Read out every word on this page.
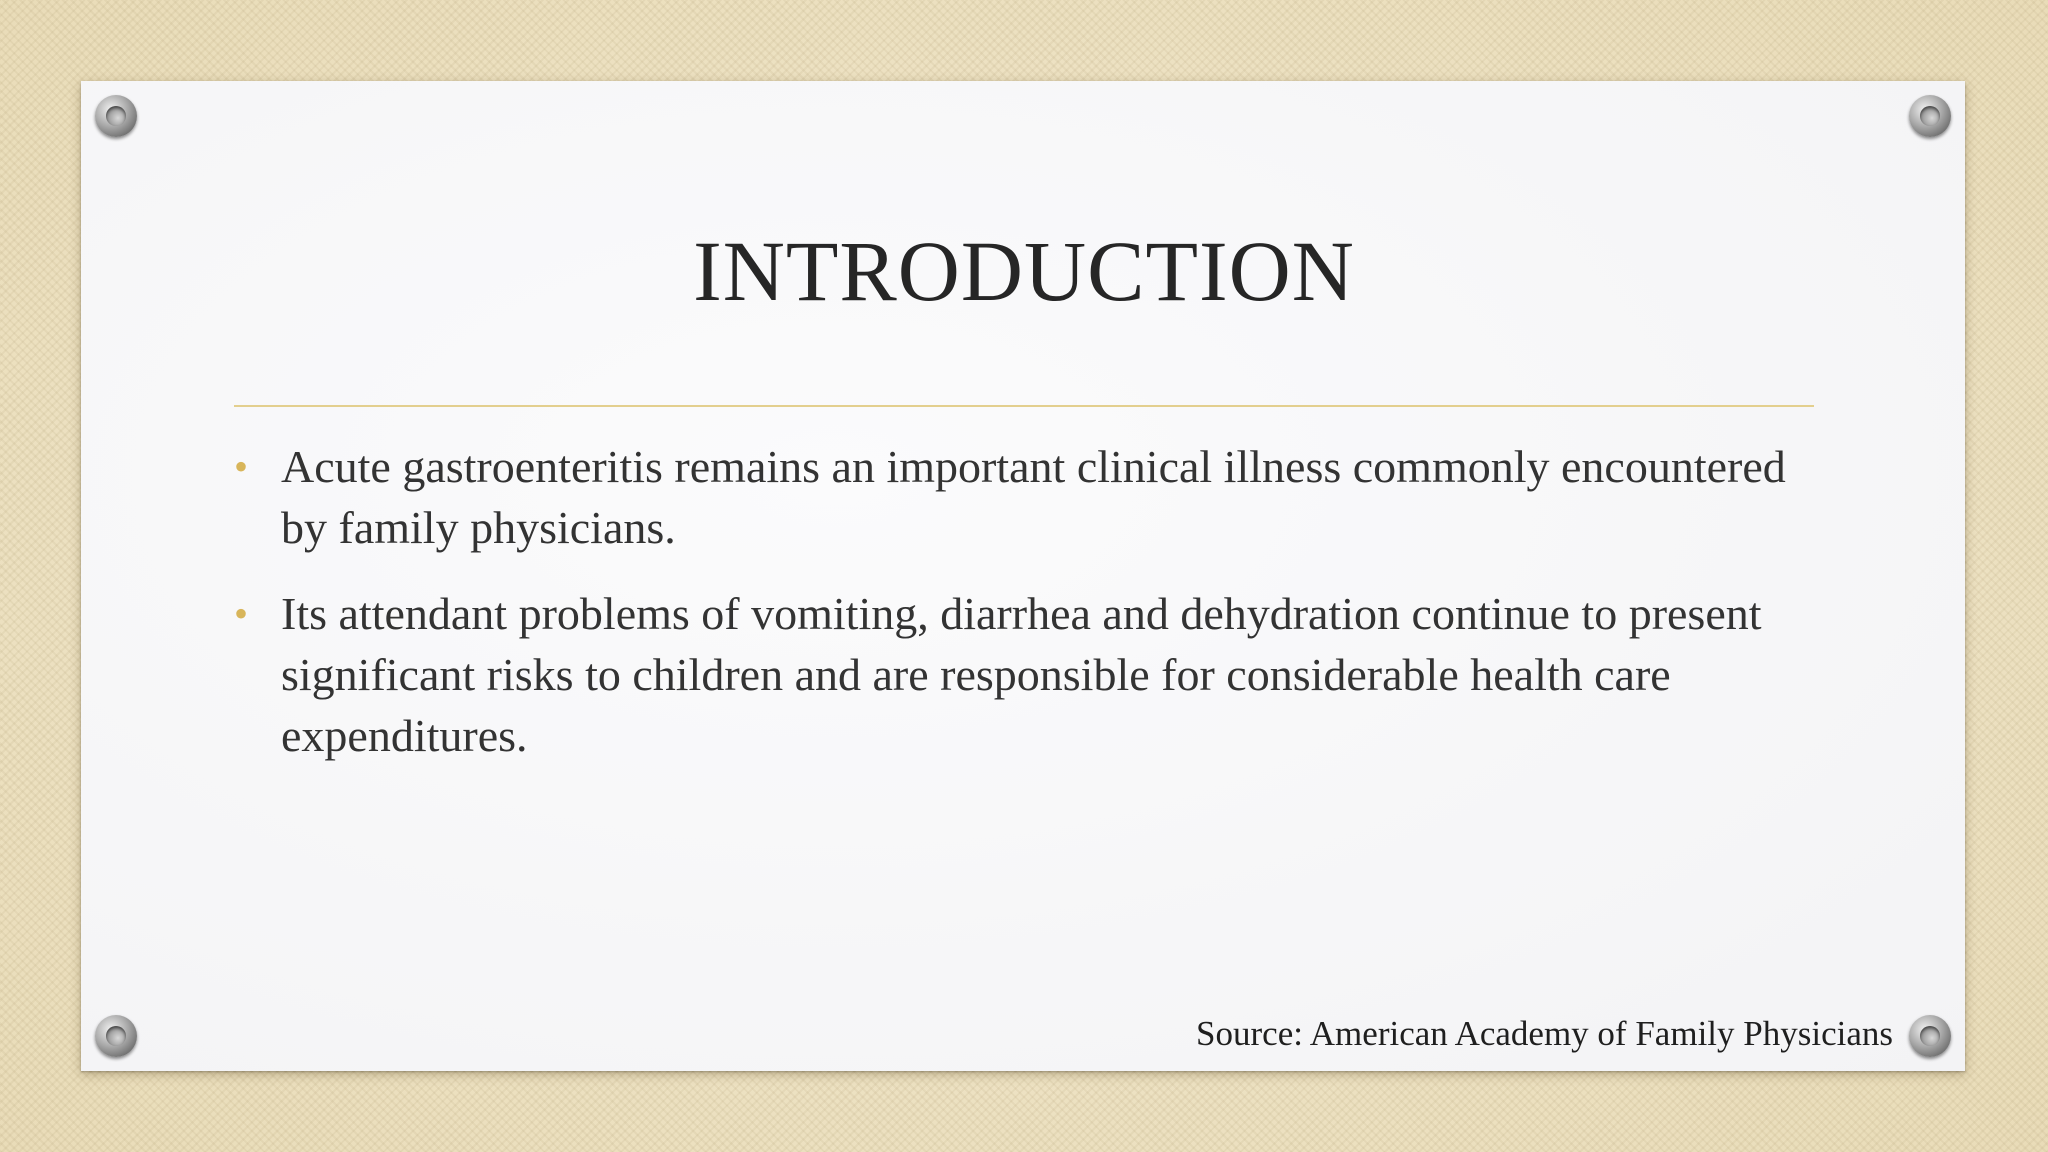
INTRODUCTION
• Acute gastroenteritis remains an important clinical illness commonly encountered by family physicians.
• Its attendant problems of vomiting, diarrhea and dehydration continue to present significant risks to children and are responsible for considerable health care expenditures.
Source: American Academy of Family Physicians
